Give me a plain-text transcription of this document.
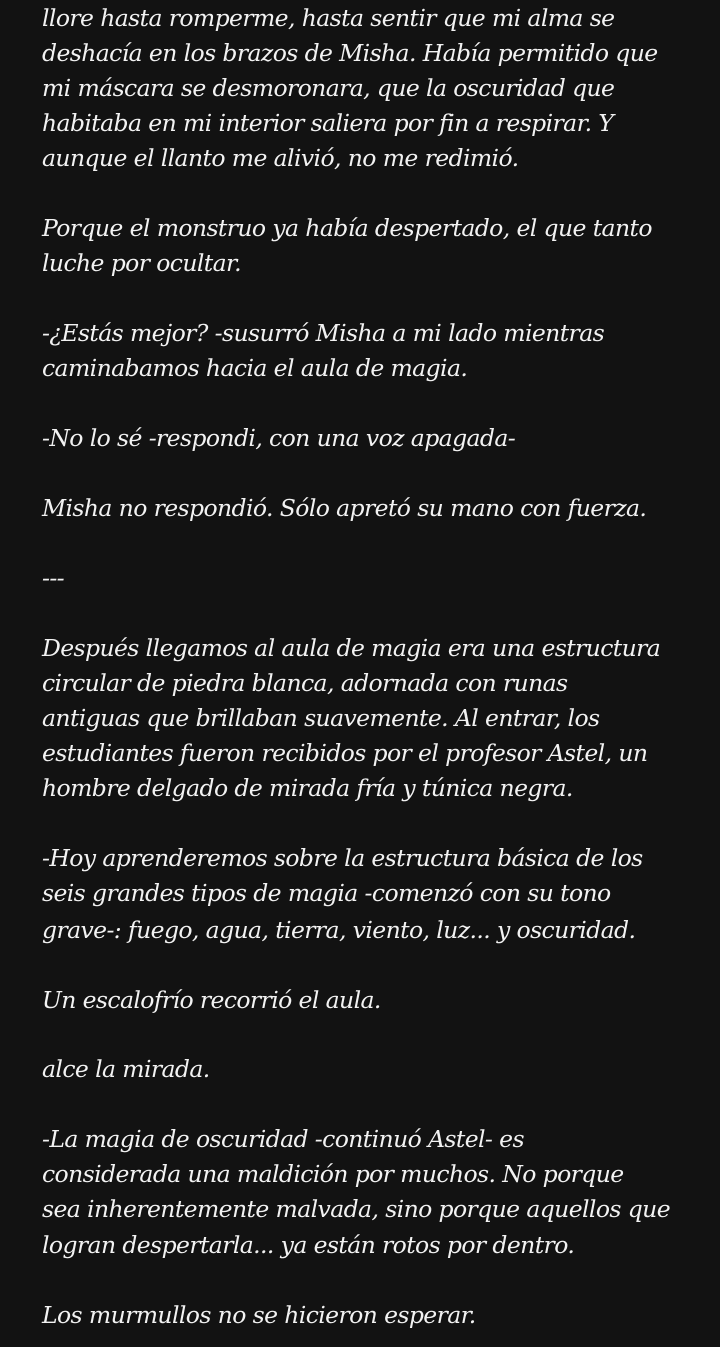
llore hasta romperme, hasta sentir que mi alma se

deshacía en los brazos de Misha. Había permitido que

mi máscara se desmoronara, que la oscuridad que

habitaba en mi interior saliera por fin a respirar. Y

aunque el llanto me alivió, no me redimió.

Porque el monstruo ya había despertado, el que tanto

luche por ocultar.

-¿Estás mejor? -susurró Misha a mi lado mientras

caminabamos hacia el aula de magia.

-No lo sé -respondi, con una voz apagada-

Misha no respondió. Sólo apretó su mano con fuerza.

---

Después llegamos al aula de magia era una estructura

circular de piedra blanca, adornada con runas

antiguas que brillaban suavemente. Al entrar, los

estudiantes fueron recibidos por el profesor Astel, un

hombre delgado de mirada fría y túnica negra.

-Hoy aprenderemos sobre la estructura básica de los

seis grandes tipos de magia -comenzó con su tono

grave-: fuego, agua, tierra, viento, luz... y oscuridad.

Un escalofrío recorrió el aula.

alce la mirada.

-La magia de oscuridad -continuó Astel- es

considerada una maldición por muchos. No porque

sea inherentemente malvada, sino porque aquellos que

logran despertarla... ya están rotos por dentro.

Los murmullos no se hicieron esperar.
